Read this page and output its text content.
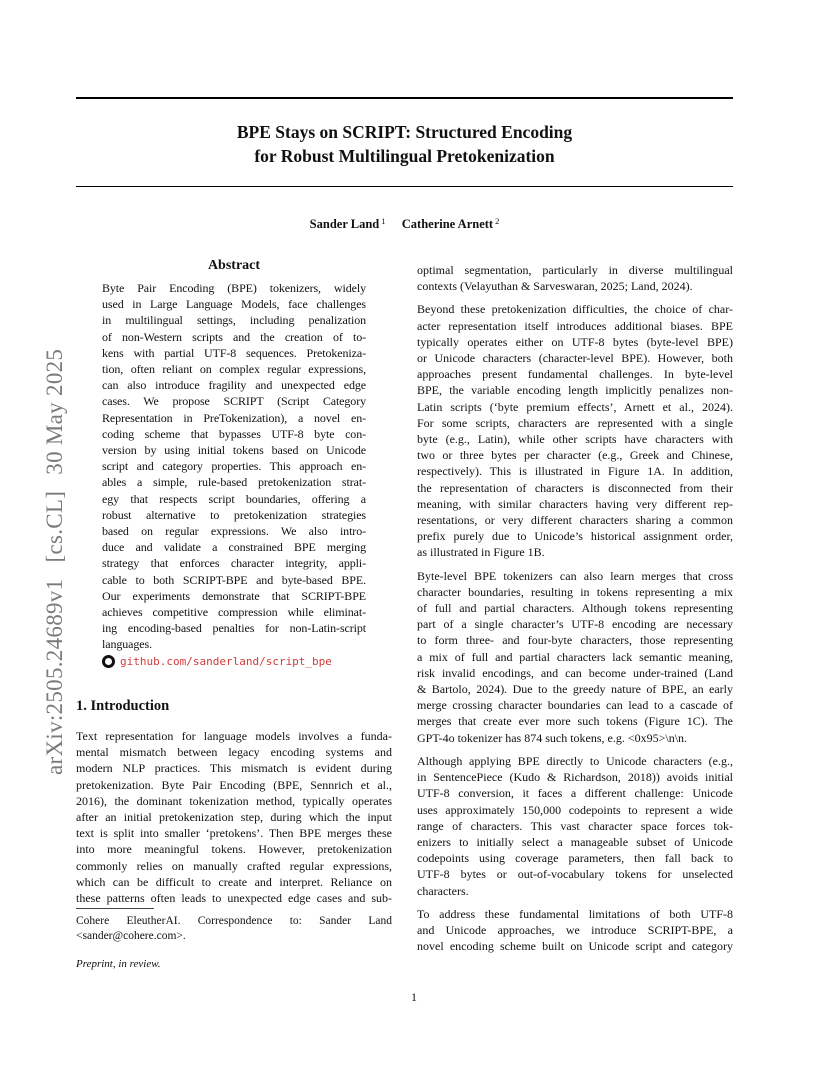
BPE Stays on SCRIPT: Structured Encoding
for Robust Multilingual Pretokenization
Sander Land $^1$ Catherine Arnett $^2$
arXiv:2505.24689v1 [cs.CL] 30 May 2025
Abstract
Byte Pair Encoding (BPE) tokenizers, widely
used in Large Language Models, face challenges
in multilingual settings, including penalization
of non-Western scripts and the creation of to-
kens with partial UTF-8 sequences. Pretokeniza-
tion, often reliant on complex regular expressions,
can also introduce fragility and unexpected edge
cases. We propose SCRIPT (Script Category
Representation in PreTokenization), a novel en-
coding scheme that bypasses UTF-8 byte con-
version by using initial tokens based on Unicode
script and category properties. This approach en-
ables a simple, rule-based pretokenization strat-
egy that respects script boundaries, offering a
robust alternative to pretokenization strategies
based on regular expressions. We also intro-
duce and validate a constrained BPE merging
strategy that enforces character integrity, appli-
cable to both SCRIPT-BPE and byte-based BPE.
Our experiments demonstrate that SCRIPT-BPE
achieves competitive compression while eliminat-
ing encoding-based penalties for non-Latin-script
languages.
github.com/sanderland/script_bpe
1. Introduction
Text representation for language models involves a funda-
mental mismatch between legacy encoding systems and
modern NLP practices. This mismatch is evident during
pretokenization. Byte Pair Encoding (BPE, Sennrich et al.,
2016), the dominant tokenization method, typically operates
after an initial pretokenization step, during which the input
text is split into smaller ‘pretokens’. Then BPE merges these
into more meaningful tokens. However, pretokenization
commonly relies on manually crafted regular expressions,
which can be difficult to create and interpret. Reliance on
these patterns often leads to unexpected edge cases and sub-
Cohere EleutherAI. Correspondence to: Sander Land
<sander@cohere.com>.
Preprint, in review.

optimal segmentation, particularly in diverse multilingual
contexts (Velayuthan & Sarveswaran, 2025; Land, 2024).

Beyond these pretokenization difficulties, the choice of char-
acter representation itself introduces additional biases. BPE
typically operates either on UTF-8 bytes (byte-level BPE)
or Unicode characters (character-level BPE). However, both
approaches present fundamental challenges. In byte-level
BPE, the variable encoding length implicitly penalizes non-
Latin scripts (‘byte premium effects’, Arnett et al., 2024).
For some scripts, characters are represented with a single
byte (e.g., Latin), while other scripts have characters with
two or three bytes per character (e.g., Greek and Chinese,
respectively). This is illustrated in Figure 1A. In addition,
the representation of characters is disconnected from their
meaning, with similar characters having very different rep-
resentations, or very different characters sharing a common
prefix purely due to Unicode’s historical assignment order,
as illustrated in Figure 1B.

Byte-level BPE tokenizers can also learn merges that cross
character boundaries, resulting in tokens representing a mix
of full and partial characters. Although tokens representing
part of a single character’s UTF-8 encoding are necessary
to form three- and four-byte characters, those representing
a mix of full and partial characters lack semantic meaning,
risk invalid encodings, and can become under-trained (Land
& Bartolo, 2024). Due to the greedy nature of BPE, an early
merge crossing character boundaries can lead to a cascade of
merges that create ever more such tokens (Figure 1C). The
GPT-4o tokenizer has 874 such tokens, e.g. <0x95>\n\n.

Although applying BPE directly to Unicode characters (e.g.,
in SentencePiece (Kudo & Richardson, 2018)) avoids initial
UTF-8 conversion, it faces a different challenge: Unicode
uses approximately 150,000 codepoints to represent a wide
range of characters. This vast character space forces tok-
enizers to initially select a manageable subset of Unicode
codepoints using coverage parameters, then fall back to
UTF-8 bytes or out-of-vocabulary tokens for unselected
characters.

To address these fundamental limitations of both UTF-8
and Unicode approaches, we introduce SCRIPT-BPE, a
novel encoding scheme built on Unicode script and category

1
